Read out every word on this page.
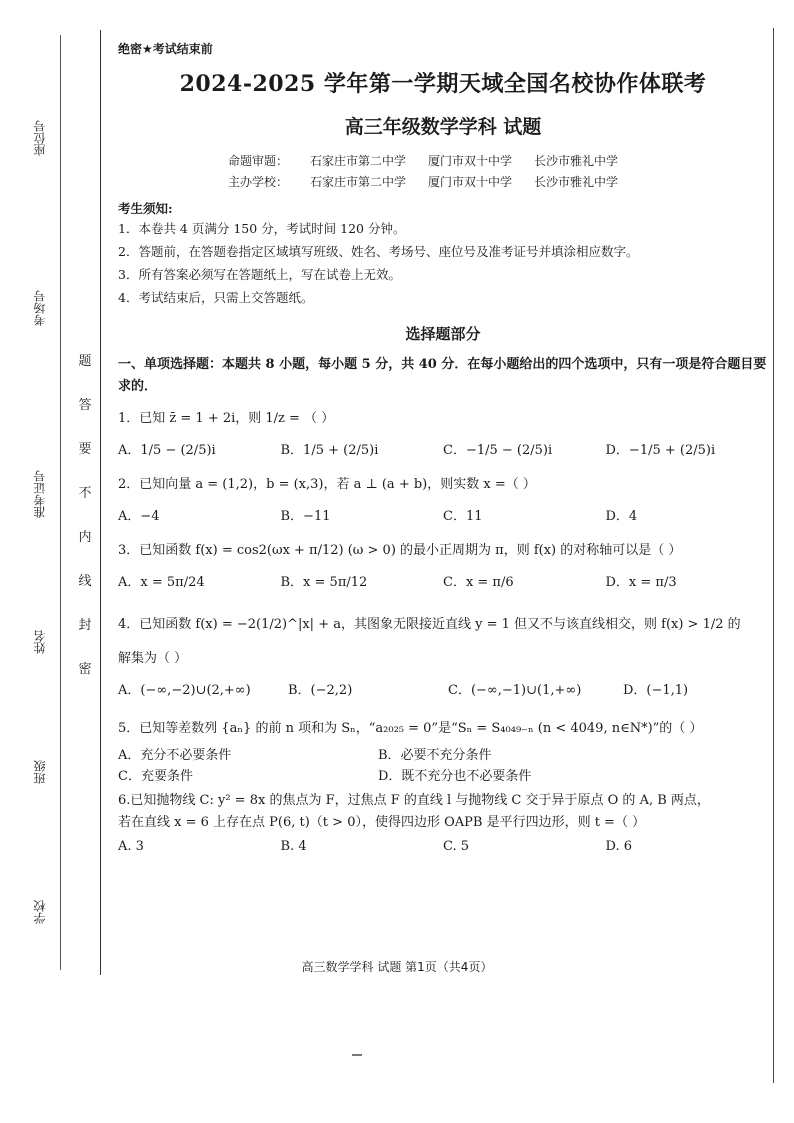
座位号
考场号
准考证号
姓名
班级
学校
题
答
要
不
内
线
封
密
绝密★考试结束前
2024-2025 学年第一学期天域全国名校协作体联考
高三年级数学学科 试题
命题审题： 石家庄市第二中学 厦门市双十中学 长沙市雅礼中学
主办学校： 石家庄市第二中学 厦门市双十中学 长沙市雅礼中学
考生须知:
1．本卷共 4 页满分 150 分，考试时间 120 分钟。
2．答题前，在答题卷指定区域填写班级、姓名、考场号、座位号及准考证号并填涂相应数字。
3．所有答案必须写在答题纸上，写在试卷上无效。
4．考试结束后，只需上交答题纸。
选择题部分
一、单项选择题：本题共 8 小题，每小题 5 分，共 40 分．在每小题给出的四个选项中，只有一项是符合题目要求的．
1．已知 z̄ = 1 + 2i，则 1/z = （ ）
A．1/5 − (2/5)i	B．1/5 + (2/5)i	C．−1/5 − (2/5)i	D．−1/5 + (2/5)i
2．已知向量 a = (1,2)，b = (x,3)，若 a ⊥ (a + b)，则实数 x =（ ）
A．−4	B．−11	C．11	D．4
3．已知函数 f(x) = cos2(ωx + π/12) (ω > 0) 的最小正周期为 π，则 f(x) 的对称轴可以是（ ）
A．x = 5π/24	B．x = 5π/12	C．x = π/6	D．x = π/3
4．已知函数 f(x) = −2(1/2)^|x| + a，其图象无限接近直线 y = 1 但又不与该直线相交，则 f(x) > 1/2 的
解集为（ ）
A．(−∞,−2)∪(2,+∞)	B．(−2,2)	C．(−∞,−1)∪(1,+∞)	D．(−1,1)
5．已知等差数列 {aₙ} 的前 n 项和为 Sₙ，“a₂₀₂₅ = 0”是“Sₙ = S₄₀₄₉₋ₙ (n < 4049, n∈N*)”的（ ）
A．充分不必要条件	B．必要不充分条件
C．充要条件	D．既不充分也不必要条件
6.已知抛物线 C: y² = 8x 的焦点为 F，过焦点 F 的直线 l 与抛物线 C 交于异于原点 O 的 A, B 两点，
若在直线 x = 6 上存在点 P(6, t)（t > 0），使得四边形 OAPB 是平行四边形，则 t =（ ）
A. 3	B. 4	C. 5	D. 6
高三数学学科 试题 第1页（共4页）
